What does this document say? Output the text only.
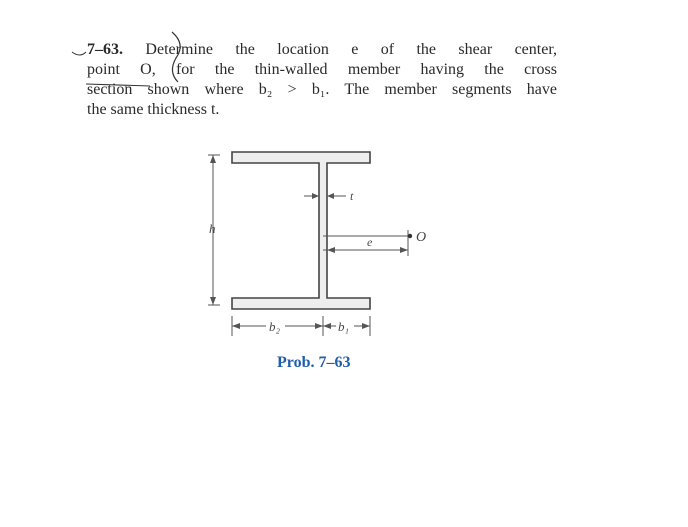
7–63. Determine the location e of the shear center,
point O, for the thin-walled member having the cross
section shown where b₂ > b₁. The member segments have
the same thickness t.
h
t
e	O
b₂	b₁
Prob. 7–63
